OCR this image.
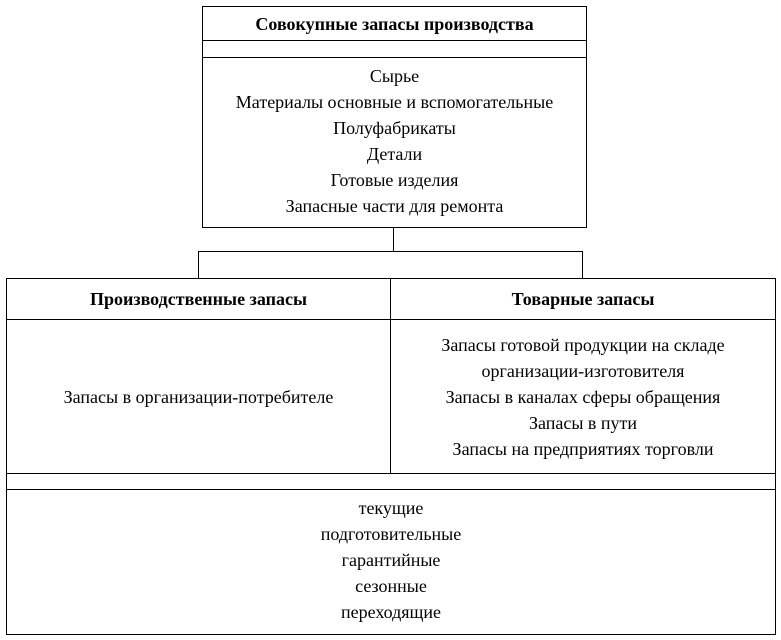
Совокупные запасы производства
Сырье
Материалы основные и вспомогательные
Полуфабрикаты
Детали
Готовые изделия
Запасные части для ремонта
Производственные запасы
Запасы в организации-потребителе
Товарные запасы
Запасы готовой продукции на складе
организации-изготовителя
Запасы в каналах сферы обращения
Запасы в пути
Запасы на предприятиях торговли
текущие
подготовительные
гарантийные
сезонные
переходящие
